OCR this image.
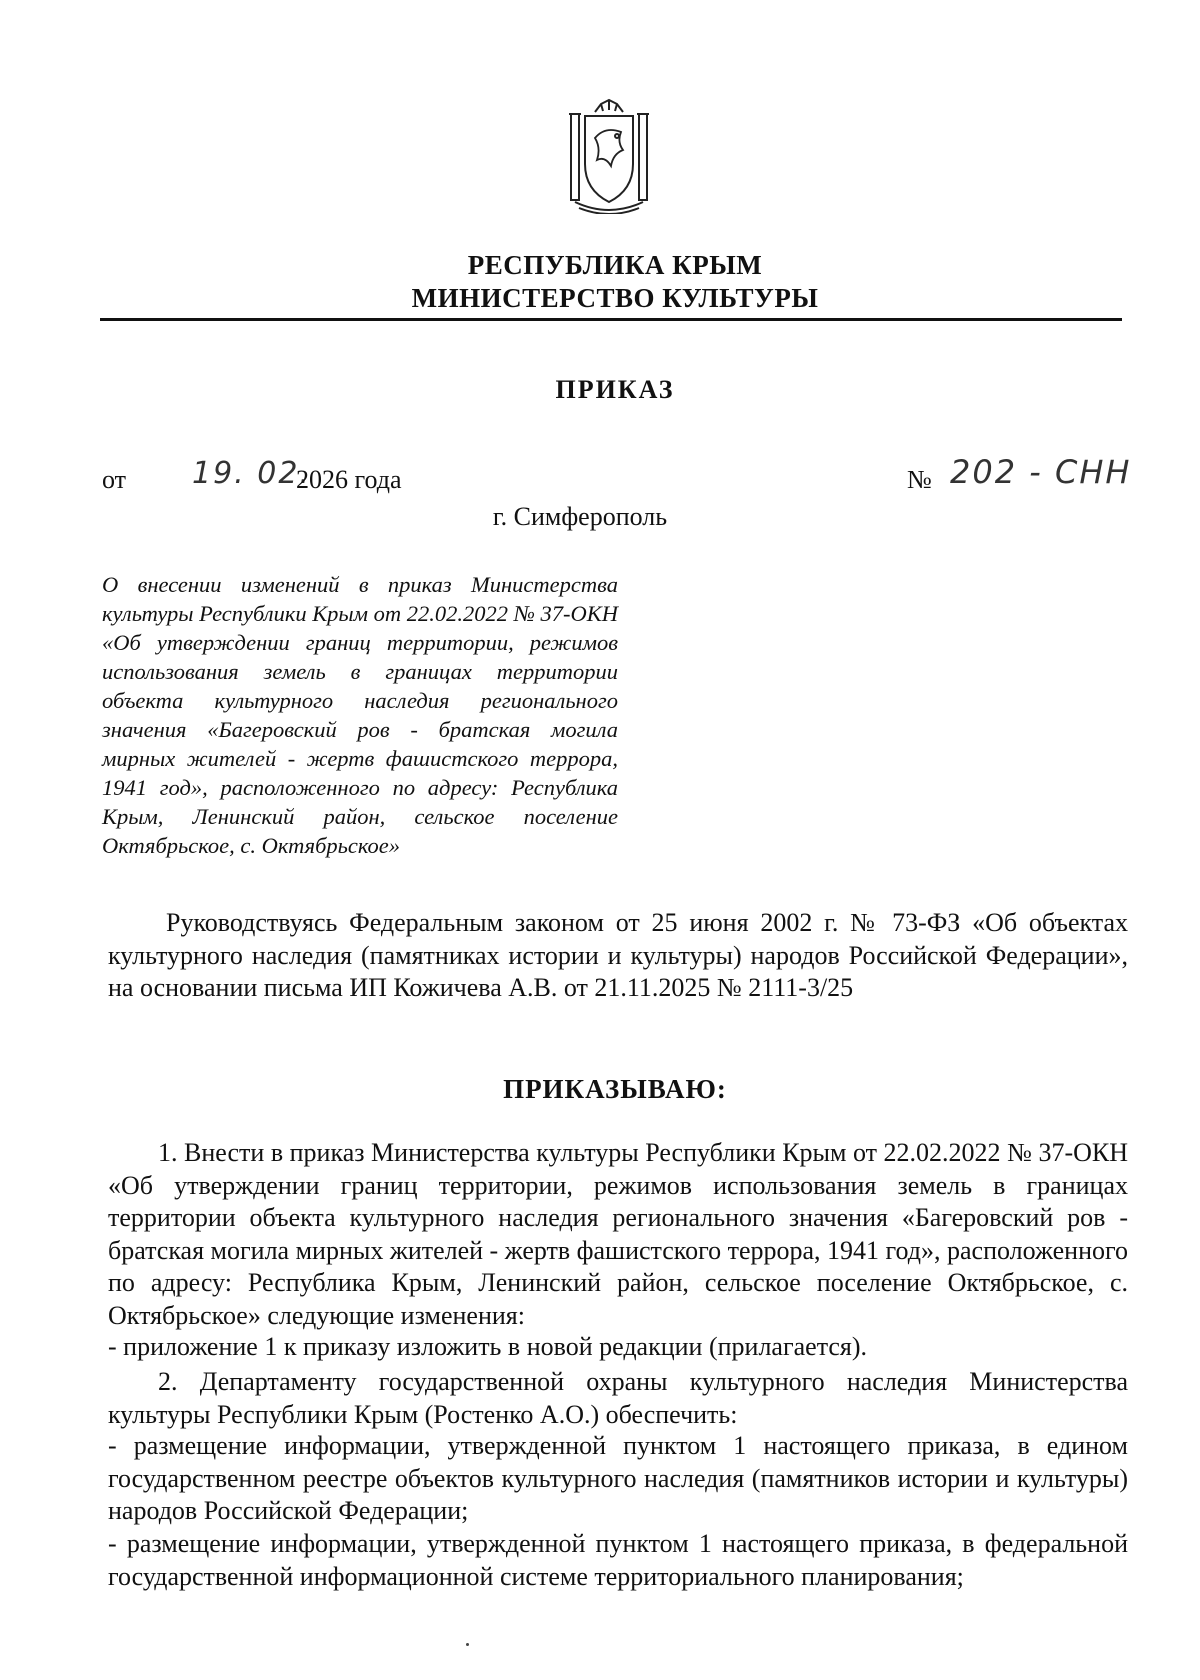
РЕСПУБЛИКА КРЫМ
МИНИСТЕРСТВО КУЛЬТУРЫ
ПРИКАЗ
от 19. 02.
2026 года	№ 202 - СНН
г. Симферополь
О внесении изменений в приказ Министерства культуры Республики Крым от 22.02.2022 № 37-ОКН «Об утверждении границ территории, режимов использования земель в границах территории объекта культурного наследия регионального значения «Багеровский ров - братская могила мирных жителей - жертв фашистского террора, 1941 год», расположенного по адресу: Республика Крым, Ленинский район, сельское поселение Октябрьское, с. Октябрьское»
Руководствуясь Федеральным законом от 25 июня 2002 г. № 73-ФЗ «Об объектах культурного наследия (памятниках истории и культуры) народов Российской Федерации», на основании письма ИП Кожичева А.В. от 21.11.2025 № 2111-3/25
ПРИКАЗЫВАЮ:
1. Внести в приказ Министерства культуры Республики Крым от 22.02.2022 № 37-ОКН «Об утверждении границ территории, режимов использования земель в границах территории объекта культурного наследия регионального значения «Багеровский ров - братская могила мирных жителей - жертв фашистского террора, 1941 год», расположенного по адресу: Республика Крым, Ленинский район, сельское поселение Октябрьское, с. Октябрьское» следующие изменения:
- приложение 1 к приказу изложить в новой редакции (прилагается).
2. Департаменту государственной охраны культурного наследия Министерства культуры Республики Крым (Ростенко А.О.) обеспечить:
- размещение информации, утвержденной пунктом 1 настоящего приказа, в едином государственном реестре объектов культурного наследия (памятников истории и культуры) народов Российской Федерации;
- размещение информации, утвержденной пунктом 1 настоящего приказа, в федеральной государственной информационной системе территориального планирования;
